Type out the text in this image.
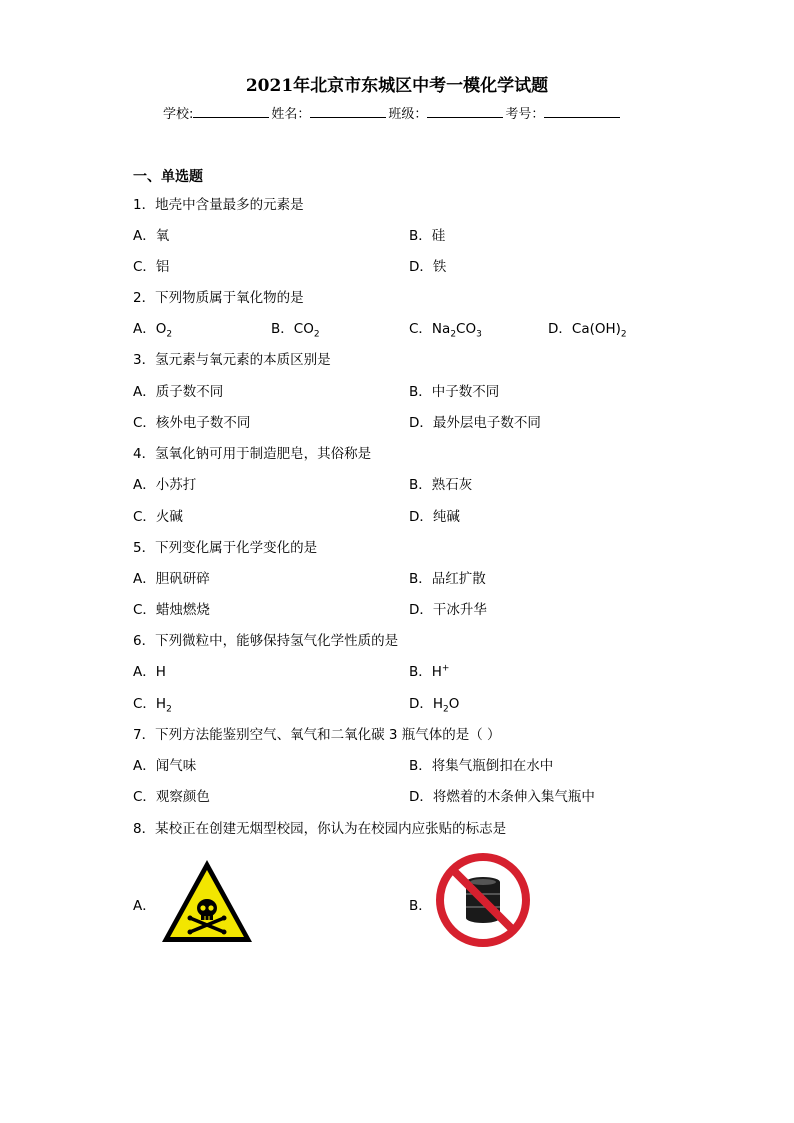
2021年北京市东城区中考一模化学试题
学校:	姓名：	班级：	考号：
一、单选题
1．地壳中含量最多的元素是
A．氧	B．硅
C．铝	D．铁
2．下列物质属于氧化物的是
A．$O_2$	B．$CO_2$	C．$Na_2CO_3$	D．$Ca(OH)_2$
3．氢元素与氧元素的本质区别是
A．质子数不同	B．中子数不同
C．核外电子数不同	D．最外层电子数不同
4．氢氧化钠可用于制造肥皂，其俗称是
A．小苏打	B．熟石灰
C．火碱	D．纯碱
5．下列变化属于化学变化的是
A．胆矾研碎	B．品红扩散
C．蜡烛燃烧	D．干冰升华
6．下列微粒中，能够保持氢气化学性质的是
A．H	B．H+
C．$H_2$	D．$H_2O$
7．下列方法能鉴别空气、氧气和二氧化碳 3 瓶气体的是（ ）
A．闻气味	B．将集气瓶倒扣在水中
C．观察颜色	D．将燃着的木条伸入集气瓶中
8．某校正在创建无烟型校园，你认为在校园内应张贴的标志是
A．	B．
